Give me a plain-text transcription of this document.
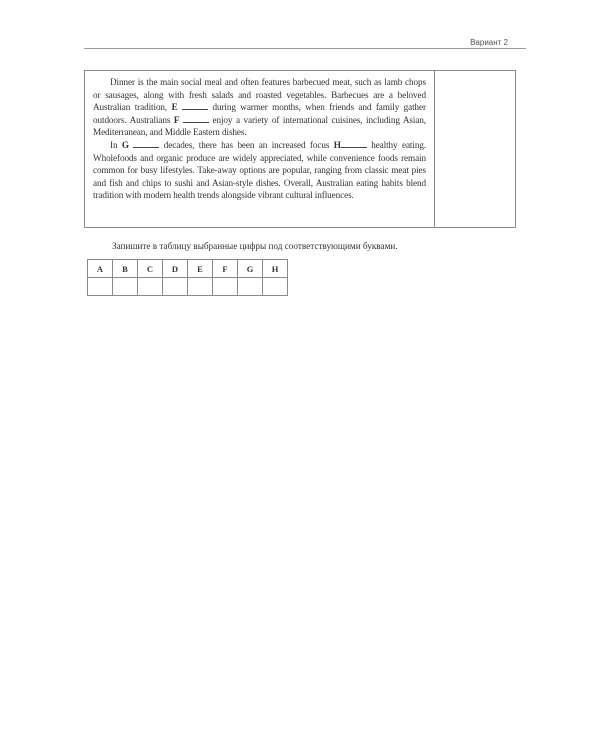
Вариант 2

Dinner is the main social meal and often features barbecued meat, such as lamb chops or sausages, along with fresh salads and roasted vegetables. Barbecues are a beloved Australian tradition, E	during warmer months, when friends and family gather outdoors. Australians F	enjoy a variety of international cuisines, including Asian, Mediterranean, and Middle Eastern dishes.

In G	decades, there has been an increased focus H	healthy eating. Wholefoods and organic produce are widely appreciated, while convenience foods remain common for busy lifestyles. Take-away options are popular, ranging from classic meat pies and fish and chips to sushi and Asian-style dishes. Overall, Australian eating habits blend tradition with modern health trends alongside vibrant cultural influences.

Запишите в таблицу выбранные цифры под соответствующими буквами.
A	B	C	D	E	F	G	H
